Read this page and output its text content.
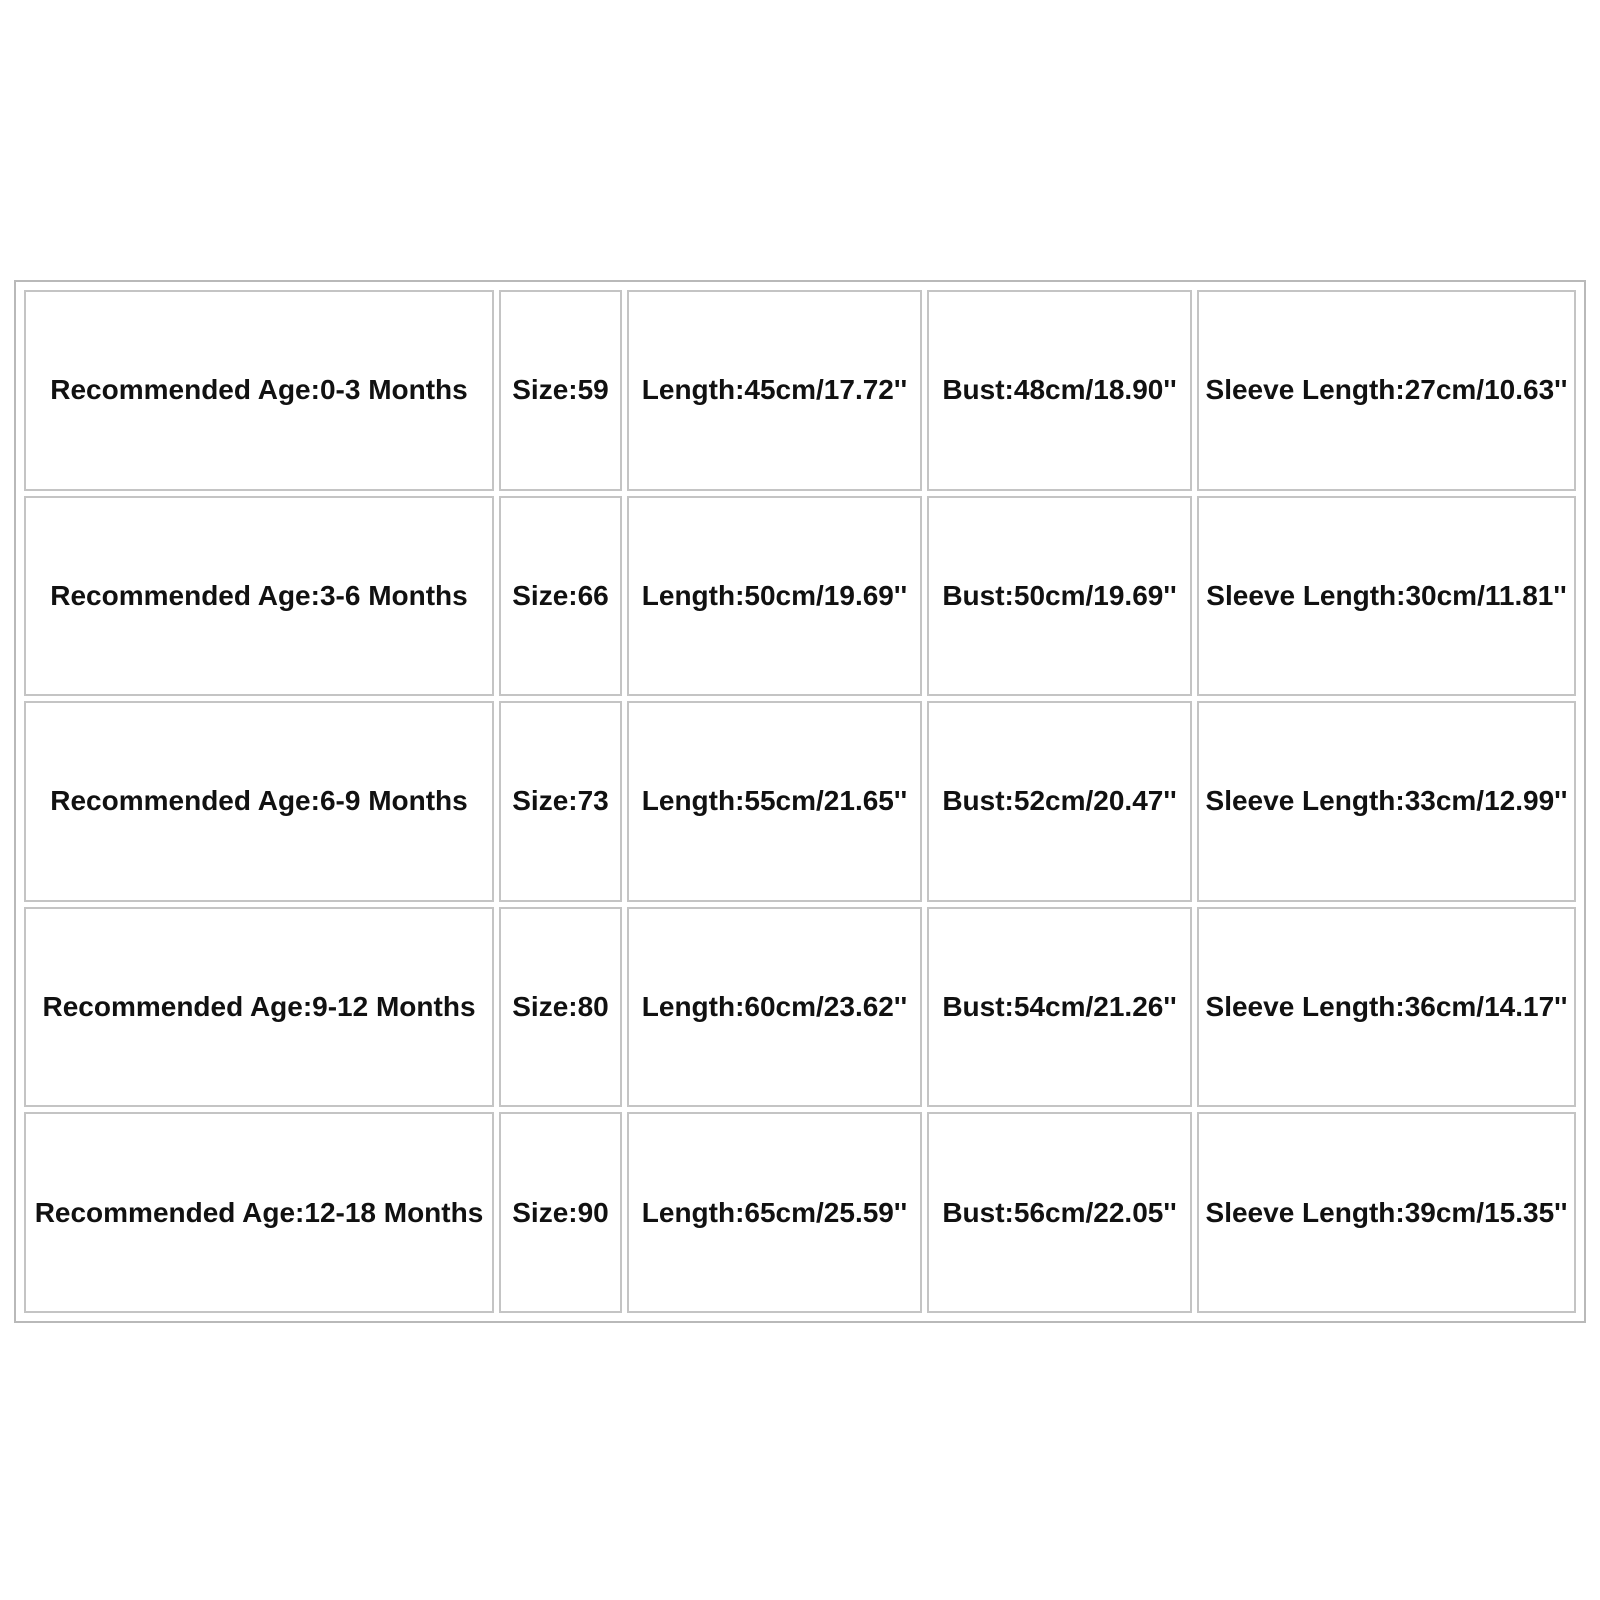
Recommended Age:0-3 Months	Size:59	Length:45cm/17.72''	Bust:48cm/18.90''	Sleeve Length:27cm/10.63''
Recommended Age:3-6 Months	Size:66	Length:50cm/19.69''	Bust:50cm/19.69''	Sleeve Length:30cm/11.81''
Recommended Age:6-9 Months	Size:73	Length:55cm/21.65''	Bust:52cm/20.47''	Sleeve Length:33cm/12.99''
Recommended Age:9-12 Months	Size:80	Length:60cm/23.62''	Bust:54cm/21.26''	Sleeve Length:36cm/14.17''
Recommended Age:12-18 Months	Size:90	Length:65cm/25.59''	Bust:56cm/22.05''	Sleeve Length:39cm/15.35''
